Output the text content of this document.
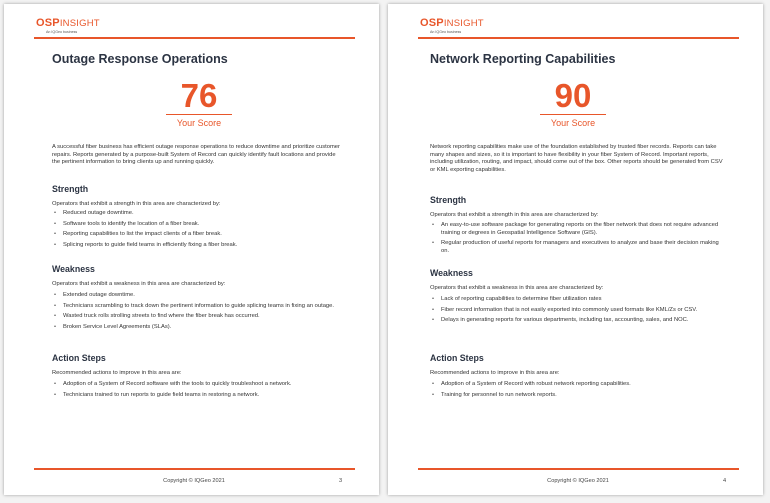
OSPINSIGHT
An IQGeo business
Outage Response Operations
76
Your Score

A successful fiber business has efficient outage response operations to reduce downtime and prioritize customer repairs. Reports generated by a purpose-built System of Record can quickly identify fault locations and provide the pertinent information to bring clients up and running quickly.

Strength
Operators that exhibit a strength in this area are characterized by:
• Reduced outage downtime.
• Software tools to identify the location of a fiber break.
• Reporting capabilities to list the impact clients of a fiber break.
• Splicing reports to guide field teams in efficiently fixing a fiber break.
Weakness
Operators that exhibit a weakness in this area are characterized by:
• Extended outage downtime.
• Technicians scrambling to track down the pertinent information to guide splicing teams in fixing an outage.
• Wasted truck rolls strolling streets to find where the fiber break has occurred.
• Broken Service Level Agreements (SLAs).
Action Steps
Recommended actions to improve in this area are:
• Adoption of a System of Record software with the tools to quickly troubleshoot a network.
• Technicians trained to run reports to guide field teams in restoring a network.
Copyright © IQGeo 2021	3
OSPINSIGHT
An IQGeo business
Network Reporting Capabilities
90
Your Score

Network reporting capabilities make use of the foundation established by trusted fiber records. Reports can take many shapes and sizes, so it is important to have flexibility in your fiber System of Record. Important reports, including utilization, routing, and impact, should come out of the box. Other reports should be generated from CSV or KML exporting capabilities.

Strength
Operators that exhibit a strength in this area are characterized by:
• An easy-to-use software package for generating reports on the fiber network that does not require advanced training or degrees in Geospatial Intelligence Software (GIS).
• Regular production of useful reports for managers and executives to analyze and base their decision making on.
Weakness
Operators that exhibit a weakness in this area are characterized by:
• Lack of reporting capabilities to determine fiber utilization rates
• Fiber record information that is not easily exported into commonly used formats like KML/Zs or CSV.
• Delays in generating reports for various departments, including tax, accounting, sales, and NOC.
Action Steps
Recommended actions to improve in this area are:
• Adoption of a System of Record with robust network reporting capabilities.
• Training for personnel to run network reports.
Copyright © IQGeo 2021	4
